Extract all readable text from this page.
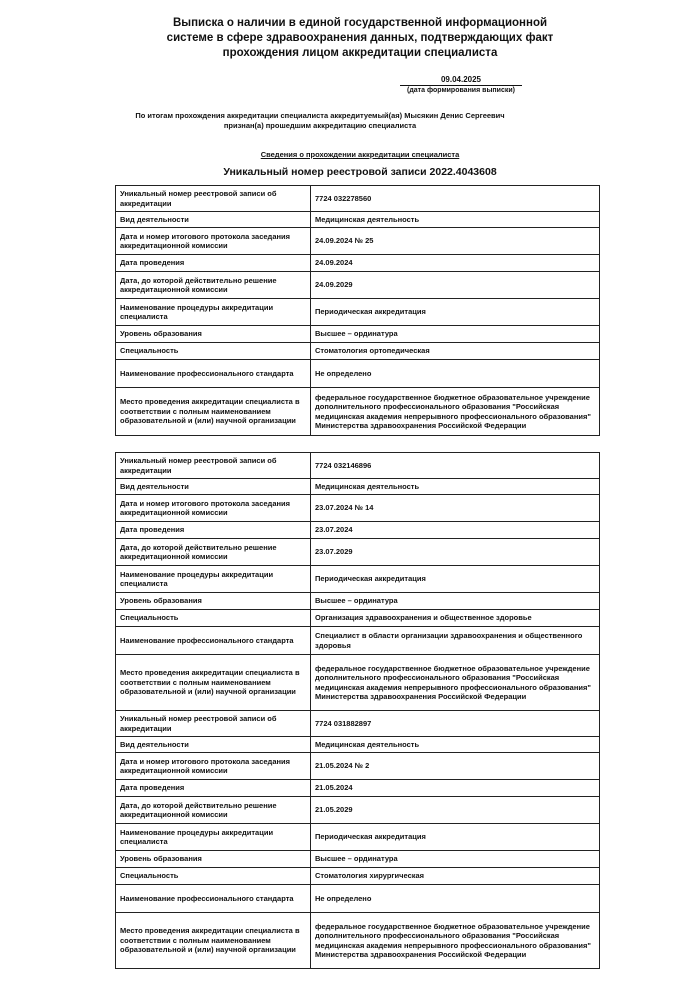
Выписка о наличии в единой государственной информационной
системе в сфере здравоохранения данных, подтверждающих факт
прохождения лицом аккредитации специалиста
09.04.2025
(дата формирования выписки)
По итогам прохождения аккредитации специалиста аккредитуемый(ая) Мысякин Денис Сергеевич
признан(а) прошедшим аккредитацию специалиста
Сведения о прохождении аккредитации специалиста
Уникальный номер реестровой записи 2022.4043608
Уникальный номер реестровой записи об аккредитации	7724 032278560
Вид деятельности	Медицинская деятельность
Дата и номер итогового протокола заседания аккредитационной комиссии	24.09.2024 № 25
Дата проведения	24.09.2024
Дата, до которой действительно решение аккредитационной комиссии	24.09.2029
Наименование процедуры аккредитации специалиста	Периодическая аккредитация
Уровень образования	Высшее – ординатура
Специальность	Стоматология ортопедическая
Наименование профессионального стандарта	Не определено
Место проведения аккредитации специалиста в соответствии с полным наименованием образовательной и (или) научной организации	федеральное государственное бюджетное образовательное учреждение дополнительного профессионального образования "Российская медицинская академия непрерывного профессионального образования" Министерства здравоохранения Российской Федерации
Уникальный номер реестровой записи об аккредитации	7724 032146896
Вид деятельности	Медицинская деятельность
Дата и номер итогового протокола заседания аккредитационной комиссии	23.07.2024 № 14
Дата проведения	23.07.2024
Дата, до которой действительно решение аккредитационной комиссии	23.07.2029
Наименование процедуры аккредитации специалиста	Периодическая аккредитация
Уровень образования	Высшее – ординатура
Специальность	Организация здравоохранения и общественное здоровье
Наименование профессионального стандарта	Специалист в области организации здравоохранения и общественного здоровья
Место проведения аккредитации специалиста в соответствии с полным наименованием образовательной и (или) научной организации	федеральное государственное бюджетное образовательное учреждение дополнительного профессионального образования "Российская медицинская академия непрерывного профессионального образования" Министерства здравоохранения Российской Федерации
Уникальный номер реестровой записи об аккредитации	7724 031882897
Вид деятельности	Медицинская деятельность
Дата и номер итогового протокола заседания аккредитационной комиссии	21.05.2024 № 2
Дата проведения	21.05.2024
Дата, до которой действительно решение аккредитационной комиссии	21.05.2029
Наименование процедуры аккредитации специалиста	Периодическая аккредитация
Уровень образования	Высшее – ординатура
Специальность	Стоматология хирургическая
Наименование профессионального стандарта	Не определено
Место проведения аккредитации специалиста в соответствии с полным наименованием образовательной и (или) научной организации	федеральное государственное бюджетное образовательное учреждение дополнительного профессионального образования "Российская медицинская академия непрерывного профессионального образования" Министерства здравоохранения Российской Федерации
